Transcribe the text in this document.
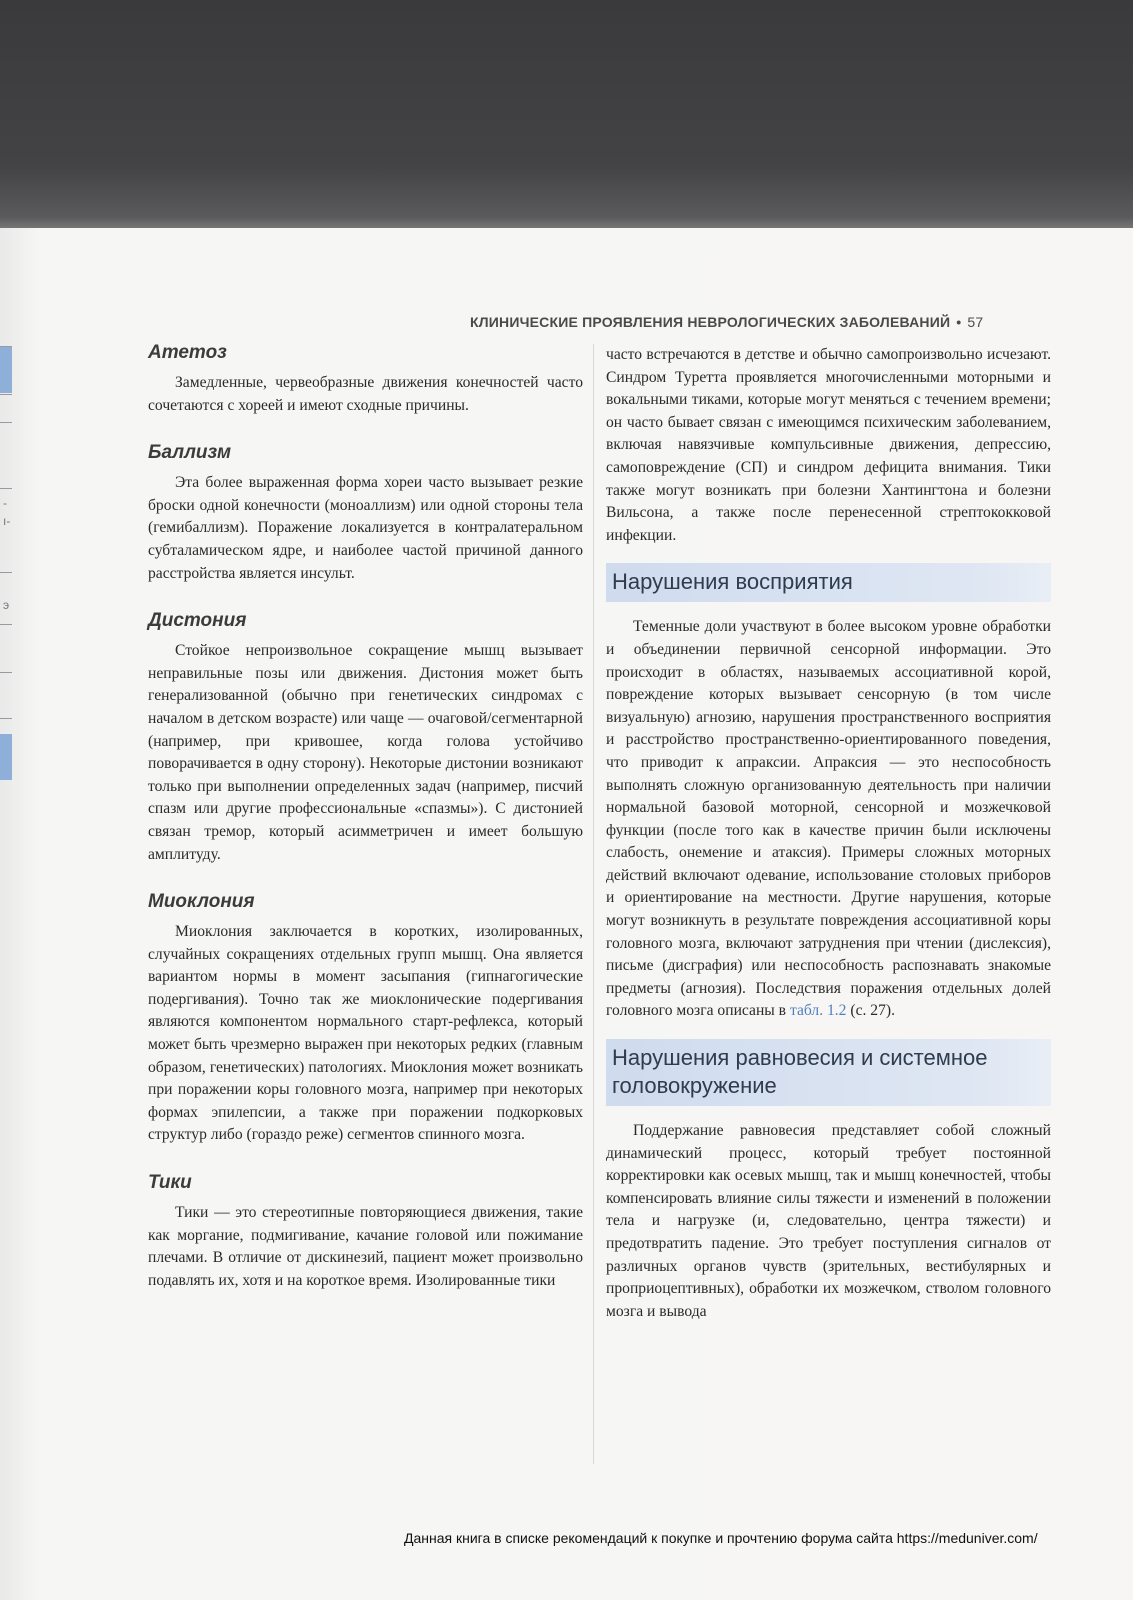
-
ı-
э
КЛИНИЧЕСКИЕ ПРОЯВЛЕНИЯ НЕВРОЛОГИЧЕСКИХ ЗАБОЛЕВАНИЙ • 57
Атетоз

Замедленные, червеобразные движения конечностей часто сочетаются с хореей и имеют сходные причины.

Баллизм

Эта более выраженная форма хореи часто вызывает резкие броски одной конечности (моноаллизм) или одной стороны тела (гемибаллизм). Поражение локализуется в контралатеральном субталамическом ядре, и наиболее частой причиной данного расстройства является инсульт.

Дистония

Стойкое непроизвольное сокращение мышц вызывает неправильные позы или движения. Дистония может быть генерализованной (обычно при генетических синдромах с началом в детском возрасте) или чаще — очаговой/сегментарной (например, при кривошее, когда голова устойчиво поворачивается в одну сторону). Некоторые дистонии возникают только при выполнении определенных задач (например, писчий спазм или другие профессиональные «спазмы»). С дистонией связан тремор, который асимметричен и имеет большую амплитуду.

Миоклония

Миоклония заключается в коротких, изолированных, случайных сокращениях отдельных групп мышц. Она является вариантом нормы в момент засыпания (гипнагогические подергивания). Точно так же миоклонические подергивания являются компонентом нормального старт-рефлекса, который может быть чрезмерно выражен при некоторых редких (главным образом, генетических) патологиях. Миоклония может возникать при поражении коры головного мозга, например при некоторых формах эпилепсии, а также при поражении подкорковых структур либо (гораздо реже) сегментов спинного мозга.

Тики

Тики — это стереотипные повторяющиеся движения, такие как моргание, подмигивание, качание головой или пожимание плечами. В отличие от дискинезий, пациент может произвольно подавлять их, хотя и на короткое время. Изолированные тики

часто встречаются в детстве и обычно самопроизвольно исчезают. Синдром Туретта проявляется многочисленными моторными и вокальными тиками, которые могут меняться с течением времени; он часто бывает связан с имеющимся психическим заболеванием, включая навязчивые компульсивные движения, депрессию, самоповреждение (СП) и синдром дефицита внимания. Тики также могут возникать при болезни Хантингтона и болезни Вильсона, а также после перенесенной стрептококковой инфекции.

Нарушения восприятия

Теменные доли участвуют в более высоком уровне обработки и объединении первичной сенсорной информации. Это происходит в областях, называемых ассоциативной корой, повреждение которых вызывает сенсорную (в том числе визуальную) агнозию, нарушения пространственного восприятия и расстройство пространственно-ориентированного поведения, что приводит к апраксии. Апраксия — это неспособность выполнять сложную организованную деятельность при наличии нормальной базовой моторной, сенсорной и мозжечковой функции (после того как в качестве причин были исключены слабость, онемение и атаксия). Примеры сложных моторных действий включают одевание, использование столовых приборов и ориентирование на местности. Другие нарушения, которые могут возникнуть в результате повреждения ассоциативной коры головного мозга, включают затруднения при чтении (дислексия), письме (дисграфия) или неспособность распознавать знакомые предметы (агнозия). Последствия поражения отдельных долей головного мозга описаны в табл. 1.2 (с. 27).

Нарушения равновесия и системное головокружение

Поддержание равновесия представляет собой сложный динамический процесс, который требует постоянной корректировки как осевых мышц, так и мышц конечностей, чтобы компенсировать влияние силы тяжести и изменений в положении тела и нагрузке (и, следовательно, центра тяжести) и предотвратить падение. Это требует поступления сигналов от различных органов чувств (зрительных, вестибулярных и проприоцептивных), обработки их мозжечком, стволом головного мозга и вывода

Данная книга в списке рекомендаций к покупке и прочтению форума сайта https://meduniver.com/
